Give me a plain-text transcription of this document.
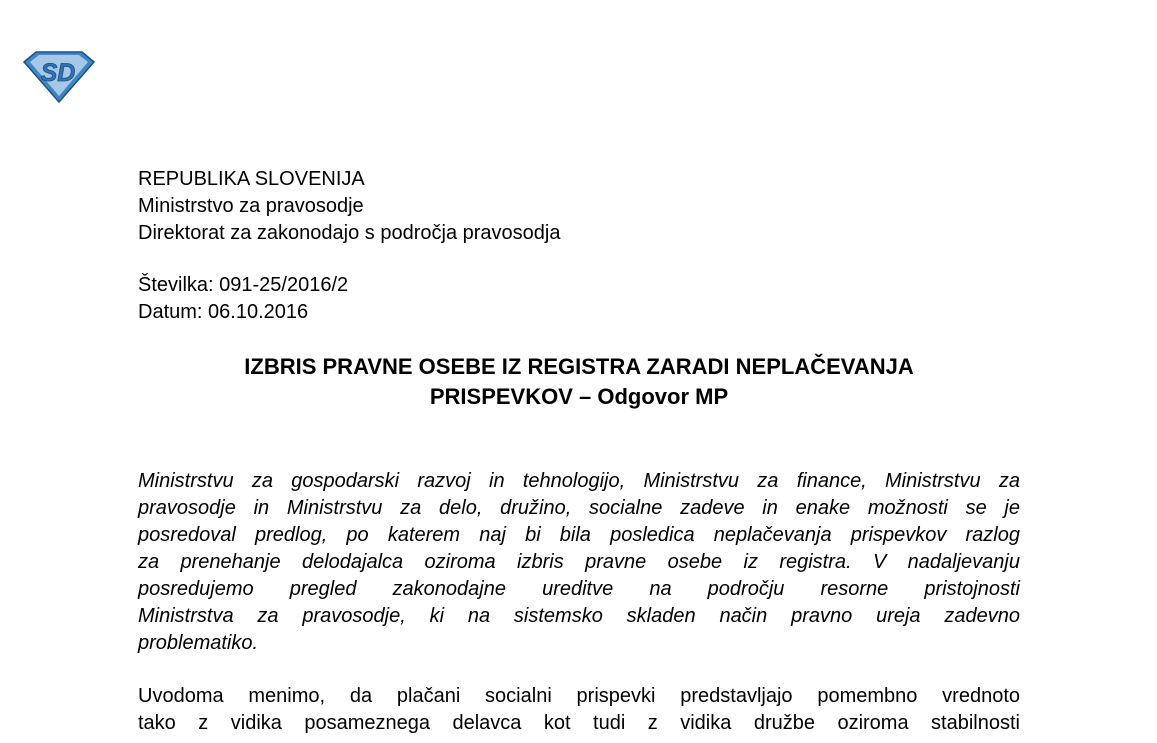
SD
REPUBLIKA SLOVENIJA
Ministrstvo za pravosodje
Direktorat za zakonodajo s področja pravosodja
Številka: 091-25/2016/2
Datum: 06.10.2016
IZBRIS PRAVNE OSEBE IZ REGISTRA ZARADI NEPLAČEVANJA
PRISPEVKOV – Odgovor MP
Ministrstvu za gospodarski razvoj in tehnologijo, Ministrstvu za finance, Ministrstvu za
pravosodje in Ministrstvu za delo, družino, socialne zadeve in enake možnosti se je
posredoval predlog, po katerem naj bi bila posledica neplačevanja prispevkov razlog
za prenehanje delodajalca oziroma izbris pravne osebe iz registra. V nadaljevanju
posredujemo pregled zakonodajne ureditve na področju resorne pristojnosti
Ministrstva za pravosodje, ki na sistemsko skladen način pravno ureja zadevno
problematiko.
Uvodoma menimo, da plačani socialni prispevki predstavljajo pomembno vrednoto
tako z vidika posameznega delavca kot tudi z vidika družbe oziroma stabilnosti
